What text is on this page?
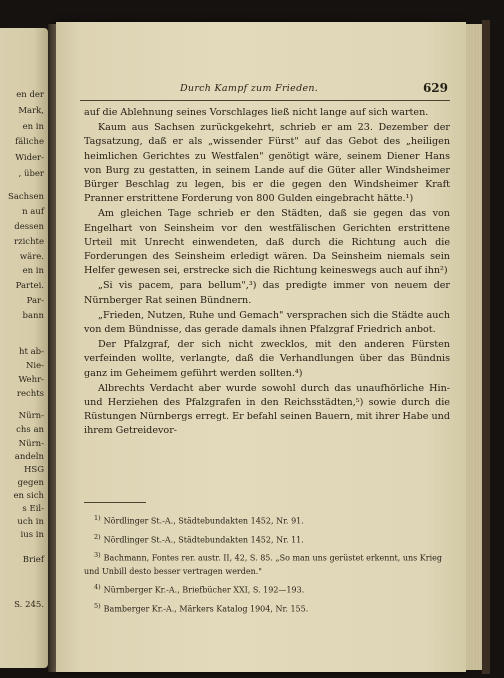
en der
Mark,
en in
fäliche
Wider-
, über
Sachsen
n auf
dessen
rzichte
wäre.
en in
Partei.
Par-
bann
ht ab-
Nie-
Wehr-
rechts
Nürn-
chs an
Nürn-
andeln
HSG
gegen
en sich
s Eil-
uch in
ius in
Brief
S. 245.
Durch Kampf zum Frieden.	629

auf die Ablehnung seines Vorschlages ließ nicht lange auf sich warten.

Kaum aus Sachsen zurückgekehrt, schrieb er am 23. Dezember der Tagsatzung, daß er als „wissender Fürst" auf das Gebot des „heiligen heimlichen Gerichtes zu Westfalen" genötigt wäre, seinem Diener Hans von Burg zu gestatten, in seinem Lande auf die Güter aller Windsheimer Bürger Beschlag zu legen, bis er die gegen den Windsheimer Kraft Pranner erstrittene Forderung von 800 Gulden eingebracht hätte.¹)

Am gleichen Tage schrieb er den Städten, daß sie gegen das von Engelhart von Seinsheim vor den westfälischen Gerichten erstrittene Urteil mit Unrecht einwendeten, daß durch die Richtung auch die Forderungen des Seinsheim erledigt wären. Da Seinsheim niemals sein Helfer gewesen sei, erstrecke sich die Richtung keineswegs auch auf ihn²)

„Si vis pacem, para bellum",³) das predigte immer von neuem der Nürnberger Rat seinen Bündnern.

„Frieden, Nutzen, Ruhe und Gemach" versprachen sich die Städte auch von dem Bündnisse, das gerade damals ihnen Pfalzgraf Friedrich anbot.

Der Pfalzgraf, der sich nicht zwecklos, mit den anderen Fürsten verfeinden wollte, verlangte, daß die Verhandlungen über das Bündnis ganz im Geheimem geführt werden sollten.⁴)

Albrechts Verdacht aber wurde sowohl durch das unaufhörliche Hin- und Herziehen des Pfalzgrafen in den Reichsstädten,⁵) sowie durch die Rüstungen Nürnbergs erregt. Er befahl seinen Bauern, mit ihrer Habe und ihrem Getreidevor-

$^{1)}$ Nördlinger St.-A., Städtebundakten 1452, Nr. 91.

$^{2)}$ Nördlinger St.-A., Städtebundakten 1452, Nr. 11.

$^{3)}$ Bachmann, Fontes rer. austr. II, 42, S. 85. „So man uns gerüstet erkennt, uns Krieg und Unbill desto besser vertragen werden."

$^{4)}$ Nürnberger Kr.-A., Briefbücher XXI, S. 192—193.

$^{5)}$ Bamberger Kr.-A., Märkers Katalog 1904, Nr. 155.
